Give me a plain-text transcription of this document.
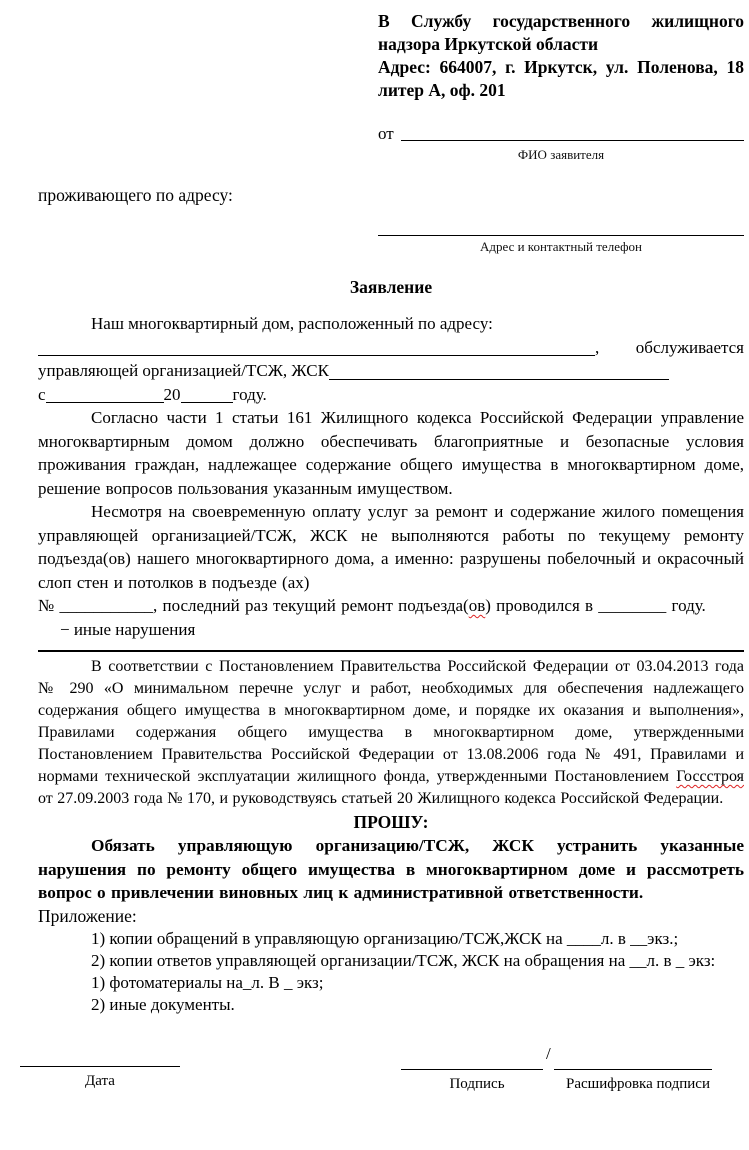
В Службу государственного жилищного надзора Иркутской области

Адрес: 664007, г. Иркутск, ул. Поленова, 18 литер А, оф. 201

от
ФИО заявителя

проживающего по адресу:

Адрес и контактный телефон
Заявление
Наш многоквартирный дом, расположенный по адресу:
, обслуживается
управляющей организацией/ТСЖ, ЖСК
с	20	году.

Согласно части 1 статьи 161 Жилищного кодекса Российской Федерации управление многоквартирным домом должно обеспечивать благоприятные и безопасные условия проживания граждан, надлежащее содержание общего имущества в многоквартирном доме, решение вопросов пользования указанным имуществом.

Несмотря на своевременную оплату услуг за ремонт и содержание жилого помещения управляющей организацией/ТСЖ, ЖСК не выполняются работы по текущему ремонту подъезда(ов) нашего многоквартирного дома, а именно: разрушены побелочный и окрасочный слоп стен и потолков в подъезде (ах)
№ ___________, последний раз текущий ремонт подъезда(ов) проводился в ________ году.

− иные нарушения

В соответствии с Постановлением Правительства Российской Федерации от 03.04.2013 года № 290 «О минимальном перечне услуг и работ, необходимых для обеспечения надлежащего содержания общего имущества в многоквартирном доме, и порядке их оказания и выполнения», Правилами содержания общего имущества в многоквартирном доме, утвержденными Постановлением Правительства Российской Федерации от 13.08.2006 года № 491, Правилами и нормами технической эксплуатации жилищного фонда, утвержденными Постановлением Госсстроя от 27.09.2003 года № 170, и руководствуясь статьей 20 Жилищного кодекса Российской Федерации.

ПРОШУ:

Обязать управляющую организацию/ТСЖ, ЖСК устранить указанные нарушения по ремонту общего имущества в многоквартирном доме и рассмотреть вопрос о привлечении виновных лиц к административной ответственности.

Приложение:
1) копии обращений в управляющую организацию/ТСЖ,ЖСК на ____л. в __экз.;
2) копии ответов управляющей организации/ТСЖ, ЖСК на обращения на __л. в _ экз:
1) фотоматериалы на_л. В _ экз;
2) иные документы.
Дата
/
Подпись	Расшифровка подписи
